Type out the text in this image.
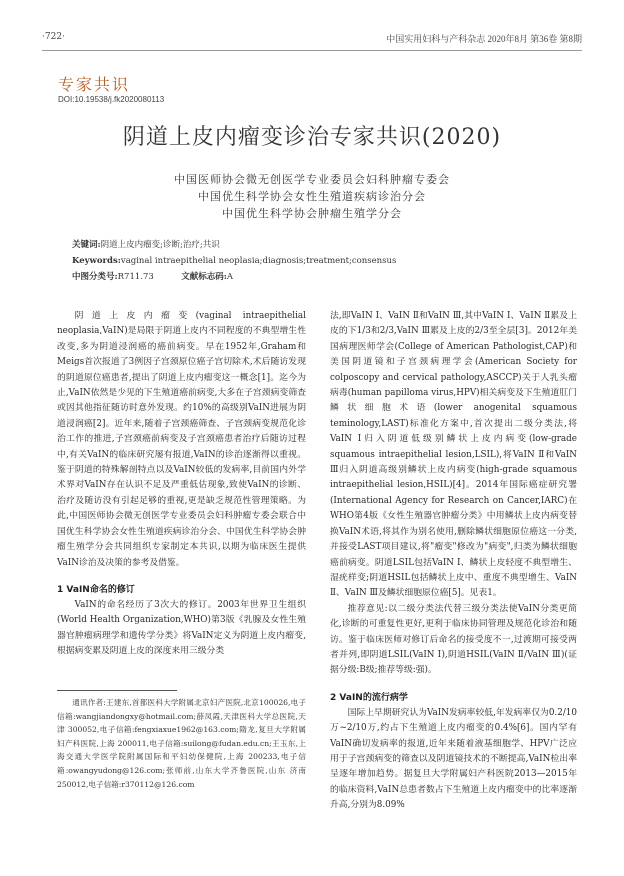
·722·	中国实用妇科与产科杂志 2020年8月 第36卷 第8期
专家共识
DOI:10.19538/j.fk2020080113
阴道上皮内瘤变诊治专家共识(2020)
中国医师协会微无创医学专业委员会妇科肿瘤专委会
中国优生科学协会女性生殖道疾病诊治分会
中国优生科学协会肿瘤生殖学分会
关键词:阴道上皮内瘤变;诊断;治疗;共识
Keywords:vaginal intraepithelial neoplasia;diagnosis;treatment;consensus
中图分类号:R711.73	文献标志码:A

阴道上皮内瘤变(vaginal intraepithelial neoplasia,VaIN)是局限于阴道上皮内不同程度的不典型增生性改变,多为阴道浸润癌的癌前病变。早在1952年,Graham和Meigs首次报道了3例因子宫颈原位癌子宫切除术,术后随访发现的阴道原位癌患者,提出了阴道上皮内瘤变这一概念[1]。迄今为止,VaIN依然是少见的下生殖道癌前病变,大多在子宫颈病变筛查或因其他指征随访时意外发现。约10%的高级别VaIN进展为阴道浸润癌[2]。近年来,随着子宫颈癌筛查、子宫颈病变规范化诊治工作的推进,子宫颈癌前病变及子宫颈癌患者治疗后随访过程中,有关VaIN的临床研究屡有报道,VaIN的诊治逐渐得以重视。鉴于阴道的特殊解剖特点以及VaIN较低的发病率,目前国内外学术界对VaIN存在认识不足及严重低估现象,致使VaIN的诊断、治疗及随访没有引起足够的重视,更是缺乏规范性管理策略。为此,中国医师协会微无创医学专业委员会妇科肿瘤专委会联合中国优生科学协会女性生殖道疾病诊治分会、中国优生科学协会肿瘤生殖学分会共同组织专家制定本共识,以期为临床医生提供VaIN诊治及决策的参考及借鉴。

1 VaIN命名的修订

VaIN的命名经历了3次大的修订。2003年世界卫生组织(World Health Organization,WHO)第3版《乳腺及女性生殖器官肿瘤病理学和遗传学分类》将VaIN定义为阴道上皮内瘤变,根据病变累及阴道上皮的深度来用三级分类

通讯作者:王建东,首都医科大学附属北京妇产医院,北京100026,电子信箱:wangjiandongxy@hotmail.com;薛凤霞,天津医科大学总医院,天津 300052,电子信箱:fengxiaxue1962@163.com;隋龙,复旦大学附属妇产科医院,上海 200011,电子信箱:suilong@fudan.edu.cn;王玉东,上海交通大学医学院附属国际和平妇幼保健院,上海 200233,电子信箱:owangyudong@126.com;张师前,山东大学齐鲁医院,山东 济南 250012,电子信箱:r370112@126.com

法,即VaIN Ⅰ、VaIN Ⅱ和VaIN Ⅲ,其中VaIN Ⅰ、VaIN Ⅱ累及上皮的下1/3和2/3,VaIN Ⅲ累及上皮的2/3至全层[3]。2012年美国病理医师学会(College of American Pathologist,CAP)和美国阴道镜和子宫颈病理学会(American Society for colposcopy and cervical pathology,ASCCP)关于人乳头瘤病毒(human papilloma virus,HPV)相关病变及下生殖道肛门鳞状细胞术语(lower anogenital squamous teminology,LAST)标准化方案中,首次提出二级分类法,将VaIN Ⅰ归入阴道低级别鳞状上皮内病变(low-grade squamous intraepithelial lesion,LSIL),将VaIN Ⅱ和VaIN Ⅲ归入阴道高级别鳞状上皮内病变(high-grade squamous intraepithelial lesion,HSIL)[4]。2014年国际癌症研究署(International Agency for Research on Cancer,IARC)在WHO第4版《女性生殖器官肿瘤分类》中用鳞状上皮内病变替换VaIN术语,将其作为别名使用,删除鳞状细胞原位癌这一分类,并接受LAST项目建议,将"瘤变"修改为"病变",归类为鳞状细胞癌前病变。阴道LSIL包括VaIN Ⅰ、鳞状上皮轻度不典型增生、湿疣样变;阴道HSIL包括鳞状上皮中、重度不典型增生、VaIN Ⅱ、VaIN Ⅲ及鳞状细胞原位癌[5]。见表1。

推荐意见:以二级分类法代替三级分类法使VaIN分类更简化,诊断的可重复性更好,更利于临床协同管理及规范化诊治和随访。鉴于临床医师对修订后命名的接受度不一,过渡期可接受两者并列,即阴道LSIL(VaIN Ⅰ),阴道HSIL(VaIN Ⅱ/VaIN Ⅲ)(证据分级:B级;推荐等级:强)。

2 VaIN的流行病学

国际上早期研究认为VaIN发病率较低,年发病率仅为0.2/10万~2/10万,约占下生殖道上皮内瘤变的0.4%[6]。国内罕有VaIN确切发病率的报道,近年来随着液基细胞学、HPV广泛应用于子宫颈病变的筛查以及阴道镜技术的不断提高,VaIN检出率呈逐年增加趋势。据复旦大学附属妇产科医院2013—2015年的临床资料,VaIN总患者数占下生殖道上皮内瘤变中的比率逐渐升高,分别为8.09%
